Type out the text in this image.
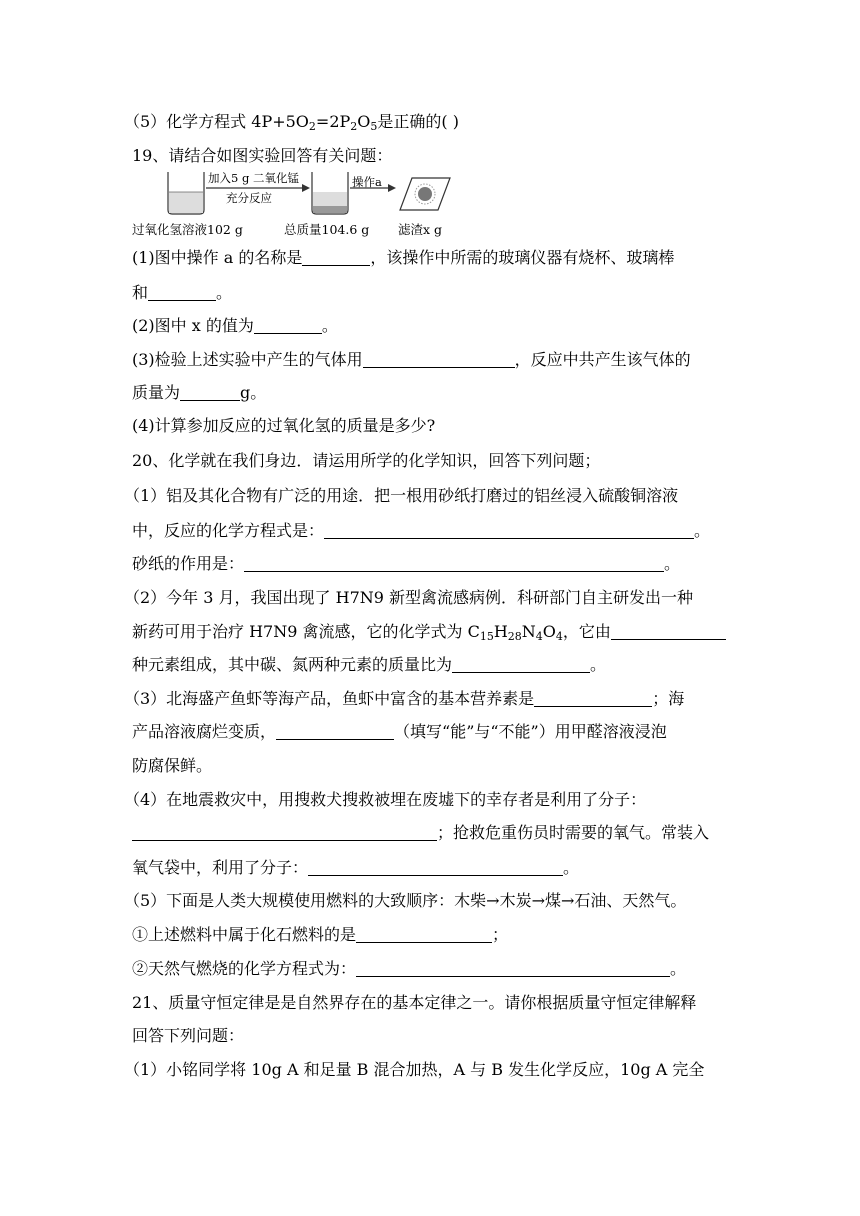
（5）化学方程式 $4P+5O_2=2P_2O_5$是正确的( )
19、请结合如图实验回答有关问题：
加入5 g 二氧化锰
充分反应
操作a
过氧化氢溶液102 g	总质量104.6 g 滤渣x g
(1)图中操作 a 的名称是	，该操作中所需的玻璃仪器有烧杯、玻璃棒
和	。
(2)图中 x 的值为	。
(3)检验上述实验中产生的气体用	，反应中共产生该气体的
质量为	g。
(4)计算参加反应的过氧化氢的质量是多少?
20、化学就在我们身边．请运用所学的化学知识，回答下列问题；
（1）铝及其化合物有广泛的用途．把一根用砂纸打磨过的铝丝浸入硫酸铜溶液
中，反应的化学方程式是：	。
砂纸的作用是：	。
（2）今年 3 月，我国出现了 H7N9 新型禽流感病例．科研部门自主研发出一种
新药可用于治疗 H7N9 禽流感，它的化学式为 $C_{15}H_{28}N_4O_4$，它由
种元素组成，其中碳、氮两种元素的质量比为	。
（3）北海盛产鱼虾等海产品，鱼虾中富含的基本营养素是	；海
产品溶液腐烂变质，	（填写“能”与“不能”）用甲醛溶液浸泡
防腐保鲜。
（4）在地震救灾中，用搜救犬搜救被埋在废墟下的幸存者是利用了分子：
；抢救危重伤员时需要的氧气。常装入
氧气袋中，利用了分子：	。
（5）下面是人类大规模使用燃料的大致顺序：木柴→木炭→煤→石油、天然气。
①上述燃料中属于化石燃料的是	；
②天然气燃烧的化学方程式为：	。
21、质量守恒定律是是自然界存在的基本定律之一。请你根据质量守恒定律解释
回答下列问题：
（1）小铭同学将 10g A 和足量 B 混合加热，A 与 B 发生化学反应，10g A 完全
